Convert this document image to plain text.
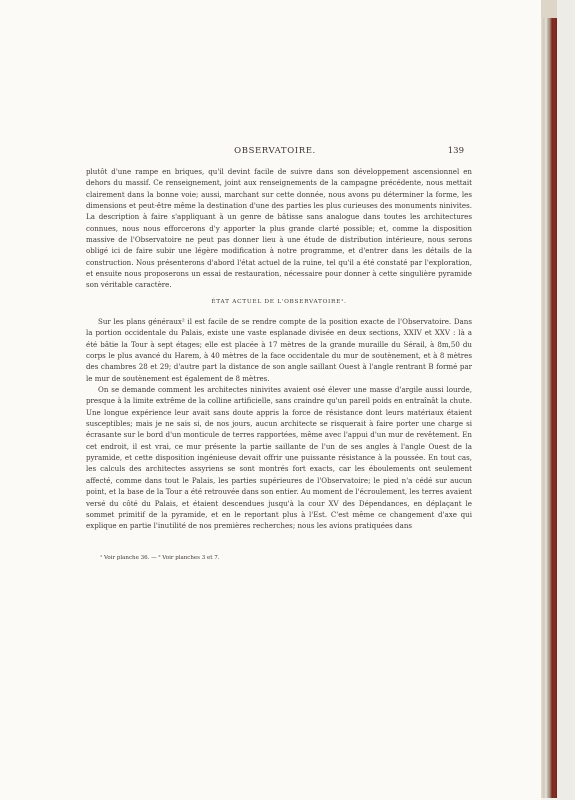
OBSERVATOIRE.	139

plutôt d'une rampe en briques, qu'il devint facile de suivre dans son développement ascensionnel en dehors du massif. Ce renseignement, joint aux renseignements de la campagne précédente, nous mettait clairement dans la bonne voie; aussi, marchant sur cette donnée, nous avons pu déterminer la forme, les dimensions et peut-être même la destination d'une des parties les plus curieuses des monuments ninivites. La description à faire s'appliquant à un genre de bâtisse sans analogue dans toutes les architectures connues, nous nous efforcerons d'y apporter la plus grande clarté possible; et, comme la disposition massive de l'Observatoire ne peut pas donner lieu à une étude de distribution intérieure, nous serons obligé ici de faire subir une légère modification à notre programme, et d'entrer dans les détails de la construction. Nous présenterons d'abord l'état actuel de la ruine, tel qu'il a été constaté par l'exploration, et ensuite nous proposerons un essai de restauration, nécessaire pour donner à cette singulière pyramide son véritable caractère.

ÉTAT ACTUEL DE L'OBSERVATOIRE¹.

Sur les plans généraux² il est facile de se rendre compte de la position exacte de l'Observatoire. Dans la portion occidentale du Palais, existe une vaste esplanade divisée en deux sections, XXIV et XXV : là a été bâtie la Tour à sept étages; elle est placée à 17 mètres de la grande muraille du Sérail, à 8m,50 du corps le plus avancé du Harem, à 40 mètres de la face occidentale du mur de soutènement, et à 8 mètres des chambres 28 et 29; d'autre part la distance de son angle saillant Ouest à l'angle rentrant B formé par le mur de soutènement est également de 8 mètres.

On se demande comment les architectes ninivites avaient osé élever une masse d'argile aussi lourde, presque à la limite extrême de la colline artificielle, sans craindre qu'un pareil poids en entraînât la chute. Une longue expérience leur avait sans doute appris la force de résistance dont leurs matériaux étaient susceptibles; mais je ne sais si, de nos jours, aucun architecte se risquerait à faire porter une charge si écrasante sur le bord d'un monticule de terres rapportées, même avec l'appui d'un mur de revêtement. En cet endroit, il est vrai, ce mur présente la partie saillante de l'un de ses angles à l'angle Ouest de la pyramide, et cette disposition ingénieuse devait offrir une puissante résistance à la poussée. En tout cas, les calculs des architectes assyriens se sont montrés fort exacts, car les éboulements ont seulement affecté, comme dans tout le Palais, les parties supérieures de l'Observatoire; le pied n'a cédé sur aucun point, et la base de la Tour a été retrouvée dans son entier. Au moment de l'écroulement, les terres avaient versé du côté du Palais, et étaient descendues jusqu'à la cour XV des Dépendances, en déplaçant le sommet primitif de la pyramide, et en le reportant plus à l'Est. C'est même ce changement d'axe qui explique en partie l'inutilité de nos premières recherches; nous les avions pratiquées dans

¹ Voir planche 36. — ² Voir planches 3 et 7.
